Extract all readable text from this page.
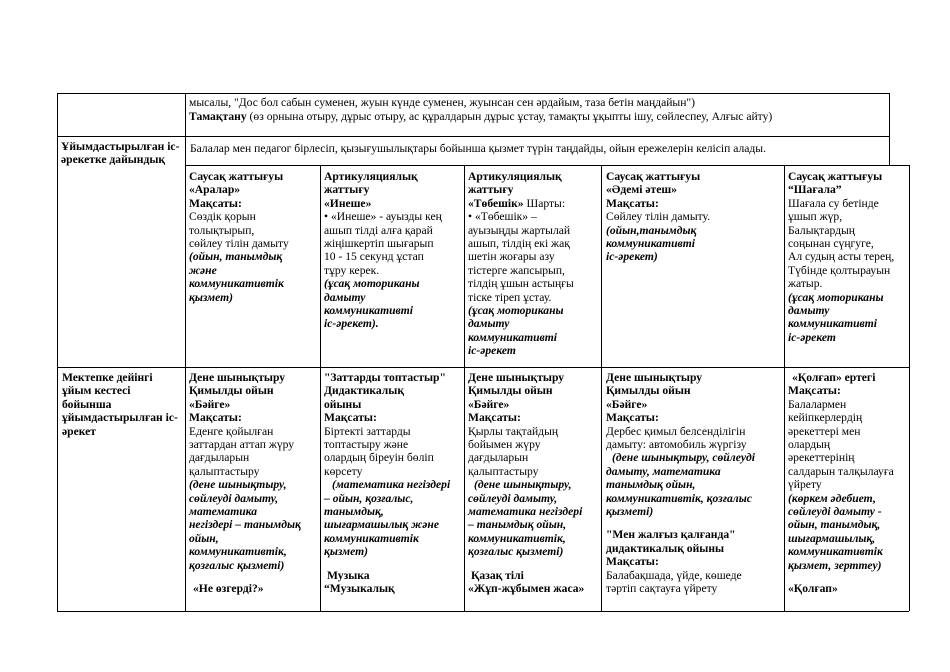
мысалы, "Дос бол сабын суменен, жуын күнде суменен, жуынсан сен әрдайым, таза бетін маңдайын")

Тамақтану (өз орнына отыру, дұрыс отыру, ас құралдарын дұрыс ұстау, тамақты ұқыпты ішу, сөйлеспеу, Алғыс айту)

Ұйымдастырылған іс-әрекетке дайындық
Балалар мен педагог бірлесіп, қызығушылықтары бойынша қызмет түрін таңдайды, ойын ережелерін келісіп алады.

Саусақ жаттығуы

«Аралар»

Мақсаты:

Сөздік қорын

толықтырып,

сөйлеу тілін дамыту

(ойын, танымдық

және

коммуникативтік

қызмет)

Артикуляциялық

жаттығу

«Инеше»

• «Инеше» - ауызды кең

ашып тілді алға қарай

жіңішкертіп шығарып

10 - 15 секунд ұстап

тұру керек.

(ұсақ моториканы

дамыту

коммуникативті

іс-әрекет).

Артикуляциялық

жаттығу

«Төбешік» Шарты:

• «Төбешік» –

ауызыңды жартылай

ашып, тілдің екі жақ

шетін жоғары азу

тістерге жапсырып,

тілдің ұшын астыңғы

тіске тіреп ұстау.

(ұсақ моториканы

дамыту

коммуникативті

іс-әрекет

Саусақ жаттығуы

«Әдемі әтеш»

Мақсаты:

Сөйлеу тілін дамыту.

(ойын,танымдық

коммуникативті

іс-әрекет)

Саусақ жаттығуы

“Шағала”

Шағала су бетінде

ұшып жүр,

Балықтардың

соңынан сүңгуге,

Ал судың асты терең,

Түбінде қолтырауын

жатыр.

(ұсақ моториканы

дамыту

коммуникативті

іс-әрекет

Мектепке дейінгі ұйым кестесі бойынша ұйымдастырылған іс-әрекет

Дене шынықтыру

Қимылды ойын

«Бәйге»

Мақсаты:

Еденге қойылған

заттардан аттап жүру

дағдыларын

қалыптастыру

(дене шынықтыру,

сөйлеуді дамыту,

математика

негіздері – танымдық

ойын,

коммуникативтік,

қозғалыс қызметі)

«Не өзгерді?»

"Заттарды топтастыр"

Дидактикалық

ойыны

Мақсаты:

Біртекті заттарды

топтастыру және

олардың біреуін бөліп

көрсету

(математика негіздері

– ойын, қозғалыс,

танымдық,

шығармашылық және

коммуникативтік

қызмет)

Музыка

“Музыкалық

Дене шынықтыру

Қимылды ойын

«Бәйге»

Мақсаты:

Қырлы тақтайдың

бойымен жүру

дағдыларын

қалыптастыру

(дене шынықтыру,

сөйлеуді дамыту,

математика негіздері

– танымдық ойын,

коммуникативтік,

қозғалыс қызметі)

Қазақ тілі

«Жұп-жұбымен жаса»

Дене шынықтыру

Қимылды ойын

«Бәйге»

Мақсаты:

Дербес қимыл белсенділігін

дамыту: автомобиль жүргізу

(дене шынықтыру, сөйлеуді

дамыту, математика

танымдық ойын,

коммуникативтік, қозғалыс

қызметі)

"Мен жалғыз қалғанда"

дидактикалық ойыны

Мақсаты:

Балабақшада, үйде, көшеде

тәртіп сақтауға үйрету

«Қолғап» ертегі

Мақсаты:

Балалармен

кейіпкерлердің

әрекеттері мен

олардың

әрекеттерінің

салдарын талқылауға

үйрету

(көркем әдебиет,

сөйлеуді дамыту -

ойын, танымдық,

шығармашылық,

коммуникативтік

қызмет, зерттеу)

«Қолғап»
